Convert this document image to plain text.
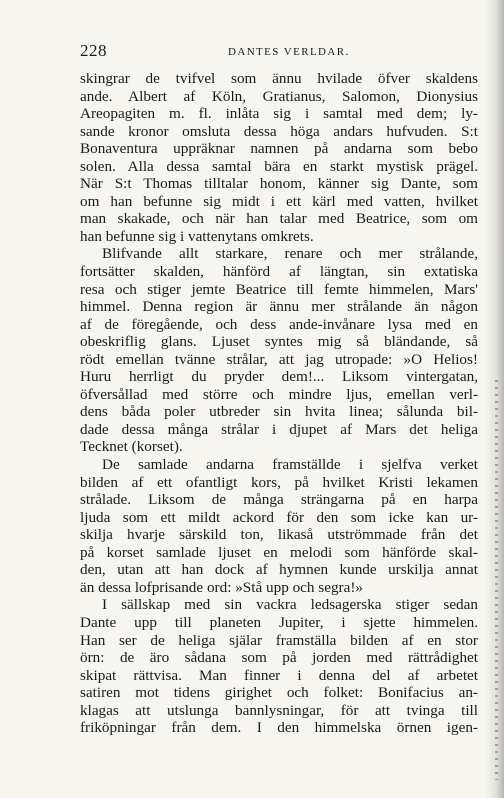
228	DANTES VERLDAR.
skingrar de tvifvel som ännu hvilade öfver skaldens
ande. Albert af Köln, Gratianus, Salomon, Dionysius
Areopagiten m. fl. inlåta sig i samtal med dem; ly-
sande kronor omsluta dessa höga andars hufvuden. S:t
Bonaventura uppräknar namnen på andarna som bebo
solen. Alla dessa samtal bära en starkt mystisk prägel.
När S:t Thomas tilltalar honom, känner sig Dante, som
om han befunne sig midt i ett kärl med vatten, hvilket
man skakade, och när han talar med Beatrice, som om
han befunne sig i vattenytans omkrets.
Blifvande allt starkare, renare och mer strålande,
fortsätter skalden, hänförd af längtan, sin extatiska
resa och stiger jemte Beatrice till femte himmelen, Mars'
himmel. Denna region är ännu mer strålande än någon
af de föregående, och dess ande-invånare lysa med en
obeskriflig glans. Ljuset syntes mig så bländande, så
rödt emellan tvänne strålar, att jag utropade: »O Helios!
Huru herrligt du pryder dem!... Liksom vintergatan,
öfversållad med större och mindre ljus, emellan verl-
dens båda poler utbreder sin hvita linea; sålunda bil-
dade dessa många strålar i djupet af Mars det heliga
Tecknet (korset).
De samlade andarna framställde i sjelfva verket
bilden af ett ofantligt kors, på hvilket Kristi lekamen
strålade. Liksom de många strängarna på en harpa
ljuda som ett mildt ackord för den som icke kan ur-
skilja hvarje särskild ton, likaså utströmmade från det
på korset samlade ljuset en melodi som hänförde skal-
den, utan att han dock af hymnen kunde urskilja annat
än dessa lofprisande ord: »Stå upp och segra!»
I sällskap med sin vackra ledsagerska stiger sedan
Dante upp till planeten Jupiter, i sjette himmelen.
Han ser de heliga själar framställa bilden af en stor
örn: de äro sådana som på jorden med rättrådighet
skipat rättvisa. Man finner i denna del af arbetet
satiren mot tidens girighet och folket: Bonifacius an-
klagas att utslunga bannlysningar, för att tvinga till
friköpningar från dem. I den himmelska örnen igen-
